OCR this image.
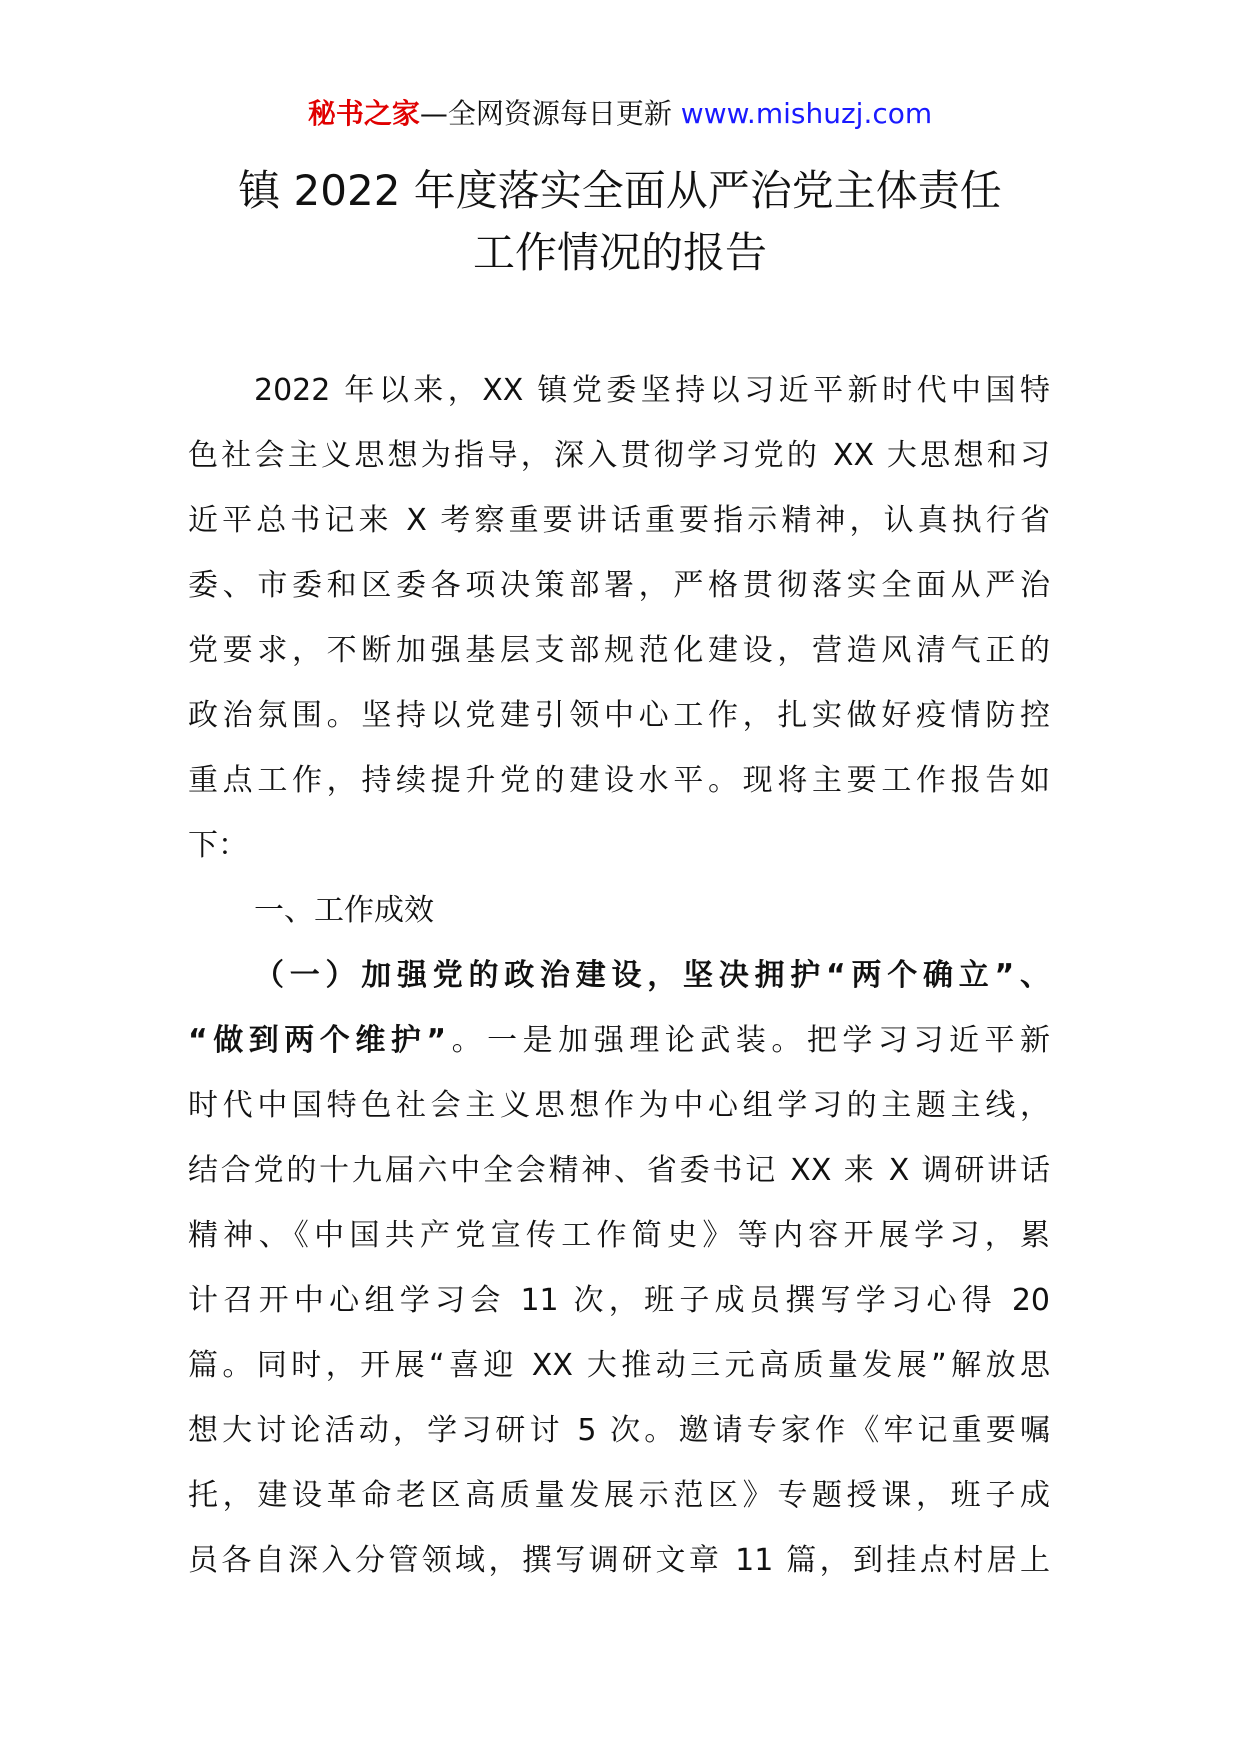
秘书之家—全网资源每日更新 www.mishuzj.com
镇 2022 年度落实全面从严治党主体责任
工作情况的报告
2022 年以来，XX 镇党委坚持以习近平新时代中国特
色社会主义思想为指导，深入贯彻学习党的 XX 大思想和习
近平总书记来 X 考察重要讲话重要指示精神，认真执行省
委、市委和区委各项决策部署，严格贯彻落实全面从严治
党要求，不断加强基层支部规范化建设，营造风清气正的
政治氛围。坚持以党建引领中心工作，扎实做好疫情防控
重点工作，持续提升党的建设水平。现将主要工作报告如
下：
一、工作成效
（一）加强党的政治建设，坚决拥护“两个确立”、
“做到两个维护”。一是加强理论武装。把学习习近平新
时代中国特色社会主义思想作为中心组学习的主题主线，
结合党的十九届六中全会精神、省委书记 XX 来 X 调研讲话
精神、《中国共产党宣传工作简史》等内容开展学习，累
计召开中心组学习会 11 次，班子成员撰写学习心得 20
篇。同时，开展“喜迎 XX 大推动三元高质量发展”解放思
想大讨论活动，学习研讨 5 次。邀请专家作《牢记重要嘱
托，建设革命老区高质量发展示范区》专题授课，班子成
员各自深入分管领域，撰写调研文章 11 篇，到挂点村居上
